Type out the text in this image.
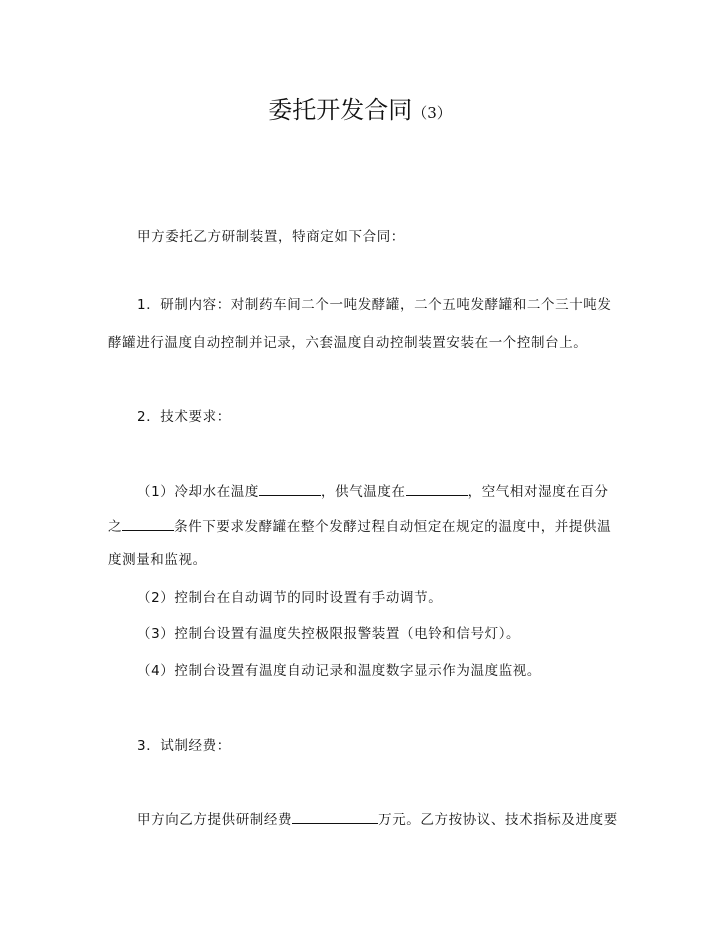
委托开发合同（3）
甲方委托乙方研制装置，特商定如下合同：
1．研制内容：对制药车间二个一吨发酵罐，二个五吨发酵罐和二个三十吨发
酵罐进行温度自动控制并记录，六套温度自动控制装置安装在一个控制台上。
2．技术要求：
（1）冷却水在温度	，供气温度在	，空气相对湿度在百分
之	条件下要求发酵罐在整个发酵过程自动恒定在规定的温度中，并提供温
度测量和监视。
（2）控制台在自动调节的同时设置有手动调节。
（3）控制台设置有温度失控极限报警装置（电铃和信号灯）。
（4）控制台设置有温度自动记录和温度数字显示作为温度监视。
3．试制经费：
甲方向乙方提供研制经费	万元。乙方按协议、技术指标及进度要
